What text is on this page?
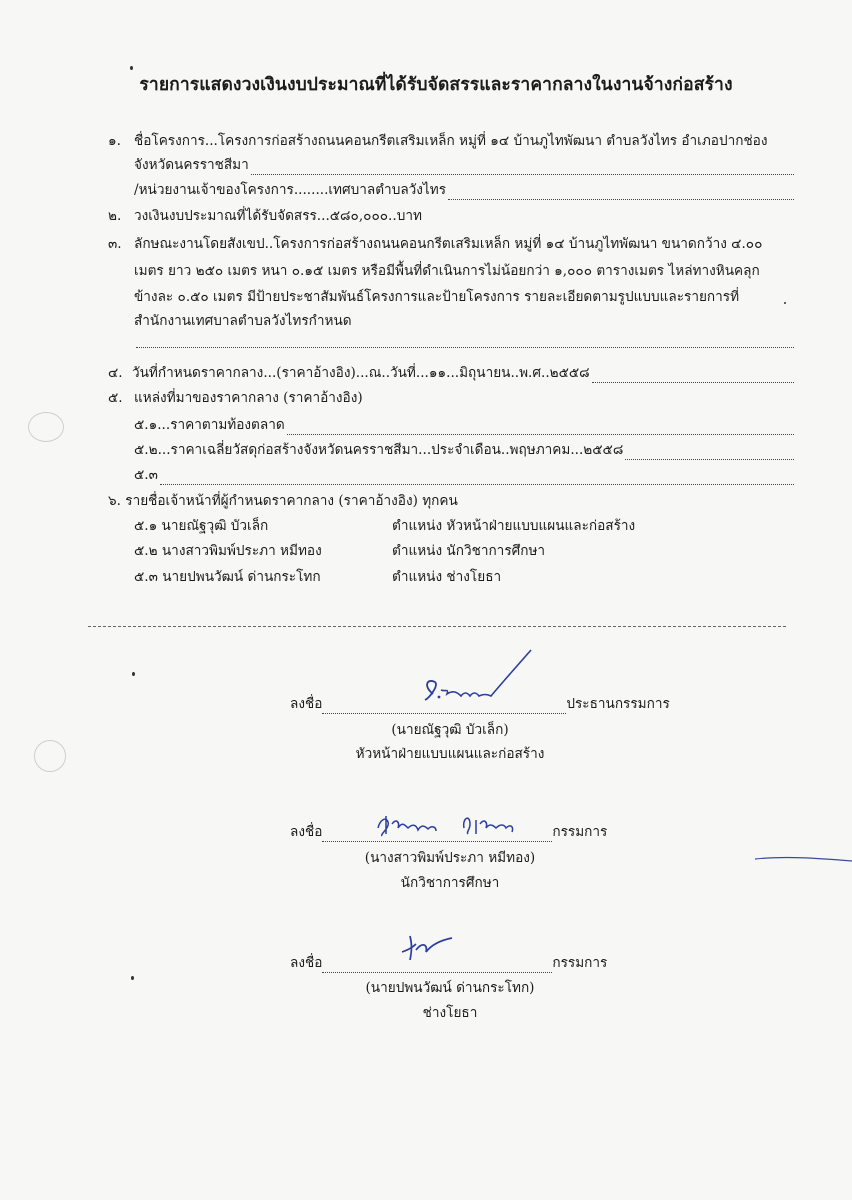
รายการแสดงวงเงินงบประมาณที่ได้รับจัดสรรและราคากลางในงานจ้างก่อสร้าง
๑. ชื่อโครงการ...โครงการก่อสร้างถนนคอนกรีตเสริมเหล็ก หมู่ที่ ๑๔ บ้านภูไทพัฒนา ตำบลวังไทร อำเภอปากช่อง
จังหวัดนครราชสีมา
/หน่วยงานเจ้าของโครงการ........เทศบาลตำบลวังไทร
๒. วงเงินงบประมาณที่ได้รับจัดสรร...๕๘๐,๐๐๐..บาท
๓. ลักษณะงานโดยสังเขป..โครงการก่อสร้างถนนคอนกรีตเสริมเหล็ก หมู่ที่ ๑๔ บ้านภูไทพัฒนา ขนาดกว้าง ๔.๐๐
เมตร ยาว ๒๕๐ เมตร หนา ๐.๑๕ เมตร หรือมีพื้นที่ดำเนินการไม่น้อยกว่า ๑,๐๐๐ ตารางเมตร ไหล่ทางหินคลุก
ข้างละ ๐.๕๐ เมตร มีป้ายประชาสัมพันธ์โครงการและป้ายโครงการ รายละเอียดตามรูปแบบและรายการที่
สำนักงานเทศบาลตำบลวังไทรกำหนด
๔. วันที่กำหนดราคากลาง...(ราคาอ้างอิง)...ณ..วันที่...๑๑...มิถุนายน..พ.ศ..๒๕๕๘
๕. แหล่งที่มาของราคากลาง (ราคาอ้างอิง)
๕.๑...ราคาตามท้องตลาด
๕.๒...ราคาเฉลี่ยวัสดุก่อสร้างจังหวัดนครราชสีมา...ประจำเดือน..พฤษภาคม...๒๕๕๘
๕.๓
๖. รายชื่อเจ้าหน้าที่ผู้กำหนดราคากลาง (ราคาอ้างอิง) ทุกคน
๕.๑ นายณัฐวุฒิ บัวเล็ก	ตำแหน่ง หัวหน้าฝ่ายแบบแผนและก่อสร้าง
๕.๒ นางสาวพิมพ์ประภา หมีทอง	ตำแหน่ง นักวิชาการศึกษา
๕.๓ นายปพนวัฒน์ ด่านกระโทก	ตำแหน่ง ช่างโยธา
ลงชื่อ	ประธานกรรมการ
(นายณัฐวุฒิ บัวเล็ก)
หัวหน้าฝ่ายแบบแผนและก่อสร้าง
ลงชื่อ	กรรมการ
(นางสาวพิมพ์ประภา หมีทอง)
นักวิชาการศึกษา
ลงชื่อ	กรรมการ
(นายปพนวัฒน์ ด่านกระโทก)
ช่างโยธา
